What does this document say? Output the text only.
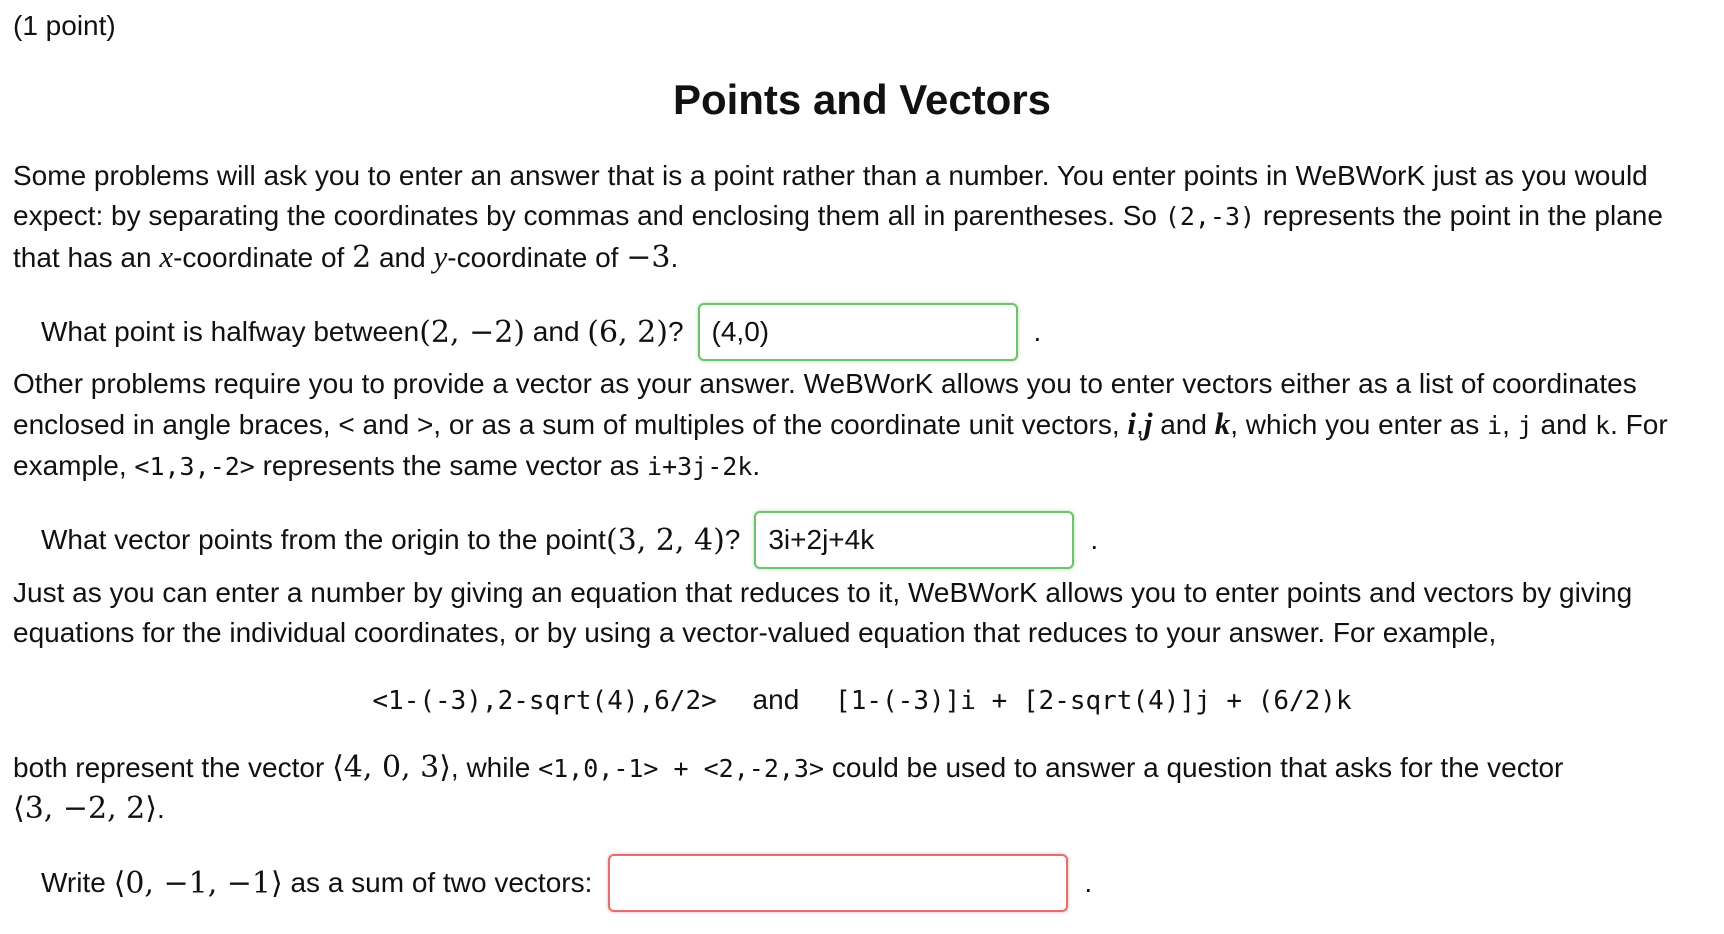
(1 point)
Points and Vectors
Some problems will ask you to enter an answer that is a point rather than a number. You enter points in WeBWorK just as you would
expect: by separating the coordinates by commas and enclosing them all in parentheses. So (2,-3) represents the point in the plane
that has an x-coordinate of 2 and y-coordinate of −3.
What point is halfway between (2, −2) and (6, 2) ?
(4,0)	.
Other problems require you to provide a vector as your answer. WeBWorK allows you to enter vectors either as a list of coordinates
enclosed in angle braces, < and >, or as a sum of multiples of the coordinate unit vectors, i,j and k, which you enter as i, j and k. For
example, <1,3,-2> represents the same vector as i+3j-2k.
What vector points from the origin to the point (3, 2, 4) ?
3i+2j+4k	.
Just as you can enter a number by giving an equation that reduces to it, WeBWorK allows you to enter points and vectors by giving
equations for the individual coordinates, or by using a vector-valued equation that reduces to your answer. For example,
<1-(-3),2-sqrt(4),6/2> and [1-(-3)]i + [2-sqrt(4)]j + (6/2)k
both represent the vector ⟨4, 0, 3⟩, while <1,0,-1> + <2,-2,3> could be used to answer a question that asks for the vector
⟨3, −2, 2⟩.
Write ⟨0, −1, −1⟩ as a sum of two vectors:	.
